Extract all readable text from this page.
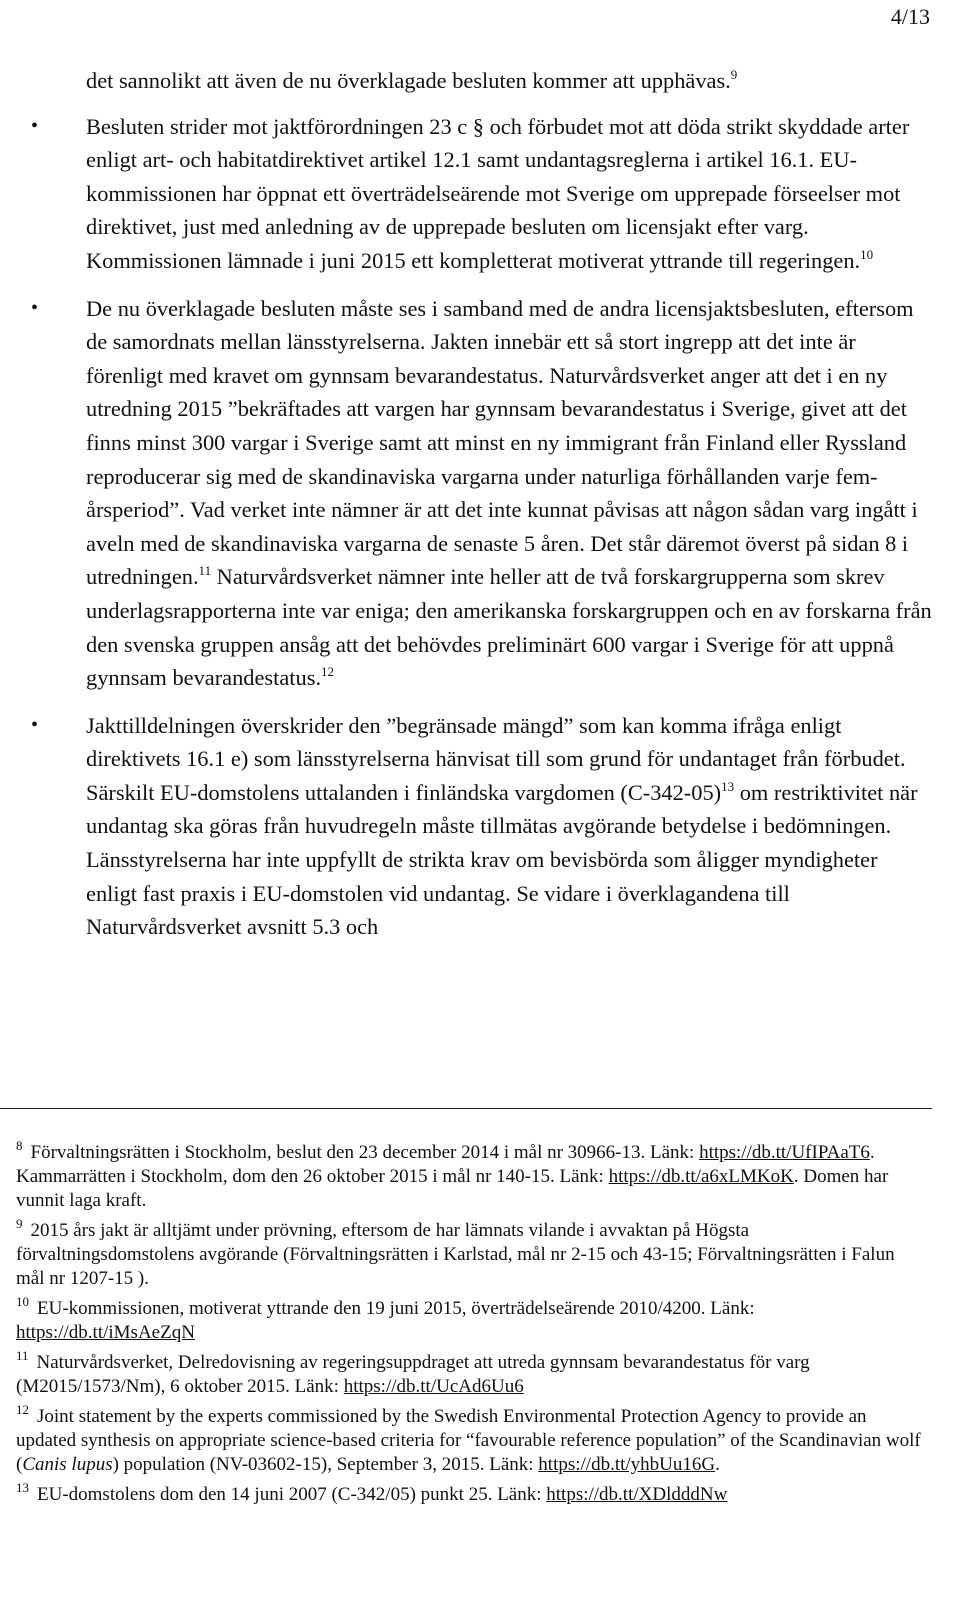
4/13

det sannolikt att även de nu överklagade besluten kommer att upphävas.$^9$

• Besluten strider mot jaktförordningen 23 c § och förbudet mot att döda strikt skyddade arter enligt art- och habitatdirektivet artikel 12.1 samt undantagsreglerna i artikel 16.1. EU-kommissionen har öppnat ett överträdelseärende mot Sverige om upprepade förseelser mot direktivet, just med anledning av de upprepade besluten om licensjakt efter varg. Kommissionen lämnade i juni 2015 ett kompletterat motiverat yttrande till regeringen.$^{10}$

• De nu överklagade besluten måste ses i samband med de andra licensjaktsbesluten, eftersom de samordnats mellan länsstyrelserna. Jakten innebär ett så stort ingrepp att det inte är förenligt med kravet om gynnsam bevarandestatus. Naturvårdsverket anger att det i en ny utredning 2015 ”bekräftades att vargen har gynnsam bevarandestatus i Sverige, givet att det finns minst 300 vargar i Sverige samt att minst en ny immigrant från Finland eller Ryssland reproducerar sig med de skandinaviska vargarna under naturliga förhållanden varje fem-årsperiod”. Vad verket inte nämner är att det inte kunnat påvisas att någon sådan varg ingått i aveln med de skandinaviska vargarna de senaste 5 åren. Det står däremot överst på sidan 8 i utredningen.$^{11}$ Naturvårdsverket nämner inte heller att de två forskargrupperna som skrev underlagsrapporterna inte var eniga; den amerikanska forskargruppen och en av forskarna från den svenska gruppen ansåg att det behövdes preliminärt 600 vargar i Sverige för att uppnå gynnsam bevarandestatus.$^{12}$

• Jakttilldelningen överskrider den ”begränsade mängd” som kan komma ifråga enligt direktivets 16.1 e) som länsstyrelserna hänvisat till som grund för undantaget från förbudet. Särskilt EU-domstolens uttalanden i finländska vargdomen $(C-342-05)^{13}$ om restriktivitet när undantag ska göras från huvudregeln måste tillmätas avgörande betydelse i bedömningen. Länsstyrelserna har inte uppfyllt de strikta krav om bevisbörda som åligger myndigheter enligt fast praxis i EU-domstolen vid undantag. Se vidare i överklagandena till Naturvårdsverket avsnitt 5.3 och

$^8$ Förvaltningsrätten i Stockholm, beslut den 23 december 2014 i mål nr 30966-13. Länk: https://db.tt/UfIPAaT6. Kammarrätten i Stockholm, dom den 26 oktober 2015 i mål nr 140-15. Länk: https://db.tt/a6xLMKoK. Domen har vunnit laga kraft.

$^9$ 2015 års jakt är alltjämt under prövning, eftersom de har lämnats vilande i avvaktan på Högsta förvaltningsdomstolens avgörande (Förvaltningsrätten i Karlstad, mål nr 2-15 och 43-15; Förvaltningsrätten i Falun mål nr 1207-15 ).

$^{10}$ EU-kommissionen, motiverat yttrande den 19 juni 2015, överträdelseärende 2010/4200. Länk: https://db.tt/iMsAeZqN

$^{11}$ Naturvårdsverket, Delredovisning av regeringsuppdraget att utreda gynnsam bevarandestatus för varg (M2015/1573/Nm), 6 oktober 2015. Länk: https://db.tt/UcAd6Uu6

$^{12}$ Joint statement by the experts commissioned by the Swedish Environmental Protection Agency to provide an updated synthesis on appropriate science-based criteria for “favourable reference population” of the Scandinavian wolf (Canis lupus) population (NV-03602-15), September 3, 2015. Länk: https://db.tt/yhbUu16G.

$^{13}$ EU-domstolens dom den 14 juni 2007 (C-342/05) punkt 25. Länk: https://db.tt/XDldddNw
